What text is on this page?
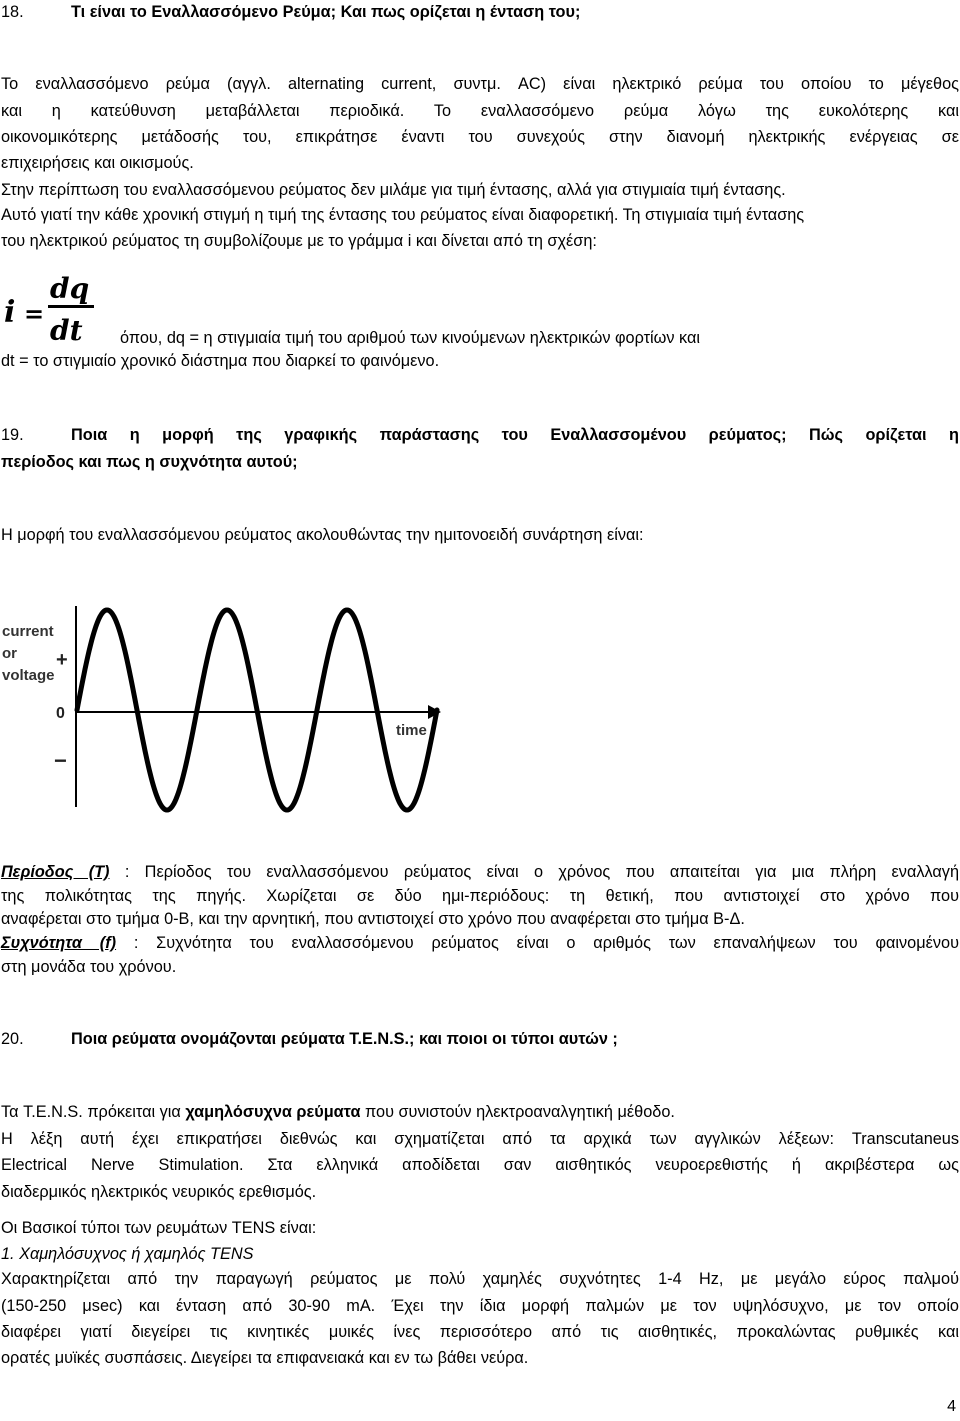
18.	Τι είναι το Εναλλασσόμενο Ρεύμα; Και πως ορίζεται η ένταση του;
Το εναλλασσόμενο ρεύμα (αγγλ. alternating current, συντμ. AC) είναι ηλεκτρικό ρεύμα του οποίου το μέγεθος
και η κατεύθυνση μεταβάλλεται περιοδικά. Το εναλλασσόμενο ρεύμα λόγω της ευκολότερης και
οικονομικότερης μετάδοσής του, επικράτησε έναντι του συνεχούς στην διανομή ηλεκτρικής ενέργειας σε
επιχειρήσεις και οικισμούς.
Στην περίπτωση του εναλλασσόμενου ρεύματος δεν μιλάμε για τιμή έντασης, αλλά για στιγμιαία τιμή έντασης.
Αυτό γιατί την κάθε χρονική στιγμή η τιμή της έντασης του ρεύματος είναι διαφορετική. Τη στιγμιαία τιμή έντασης
του ηλεκτρικού ρεύματος τη συμβολίζουμε με το γράμμα i και δίνεται από τη σχέση:
i =
dq
dt όπου, dq = η στιγμιαία τιμή του αριθμού των κινούμενων ηλεκτρικών φορτίων και
dt = το στιγμιαίο χρονικό διάστημα που διαρκεί το φαινόμενο.
19.	Ποια η μορφή της γραφικής παράστασης του Εναλλασσομένου ρεύματος; Πώς ορίζεται η
περίοδος και πως η συχνότητα αυτού;
Η μορφή του εναλλασσόμενου ρεύματος ακολουθώντας την ημιτονοειδή συνάρτηση είναι:
current
or
voltage
+
0
−
time
Περίοδος (T) : Περίοδος του εναλλασσόμενου ρεύματος είναι ο χρόνος που απαιτείται για μια πλήρη εναλλαγή
της πολικότητας της πηγής. Χωρίζεται σε δύο ημι-περιόδους: τη θετική, που αντιστοιχεί στο χρόνο που
αναφέρεται στο τμήμα 0-Β, και την αρνητική, που αντιστοιχεί στο χρόνο που αναφέρεται στο τμήμα Β-Δ.
Συχνότητα (f) : Συχνότητα του εναλλασσόμενου ρεύματος είναι ο αριθμός των επαναλήψεων του φαινομένου
στη μονάδα του χρόνου.
20.	Ποια ρεύματα ονομάζονται ρεύματα T.E.N.S.; και ποιοι οι τύποι αυτών ;
Τα T.E.N.S. πρόκειται για χαμηλόσυχνα ρεύματα που συνιστούν ηλεκτροαναλγητική μέθοδο.
Η λέξη αυτή έχει επικρατήσει διεθνώς και σχηματίζεται από τα αρχικά των αγγλικών λέξεων: Transcutaneus
Electrical Nerve Stimulation. Στα ελληνικά αποδίδεται σαν αισθητικός νευροερεθιστής ή ακριβέστερα ως
διαδερμικός ηλεκτρικός νευρικός ερεθισμός.
Οι Βασικοί τύποι των ρευμάτων TENS είναι:
1. Χαμηλόσυχνος ή χαμηλός TENS
Χαρακτηρίζεται από την παραγωγή ρεύματος με πολύ χαμηλές συχνότητες 1-4 Hz, με μεγάλο εύρος παλμού
(150-250 μsec) και ένταση από 30-90 mA. Έχει την ίδια μορφή παλμών με τον υψηλόσυχνο, με τον οποίο
διαφέρει γιατί διεγείρει τις κινητικές μυικές ίνες περισσότερο από τις αισθητικές, προκαλώντας ρυθμικές και
ορατές μυϊκές συσπάσεις. Διεγείρει τα επιφανειακά και εν τω βάθει νεύρα.
4
